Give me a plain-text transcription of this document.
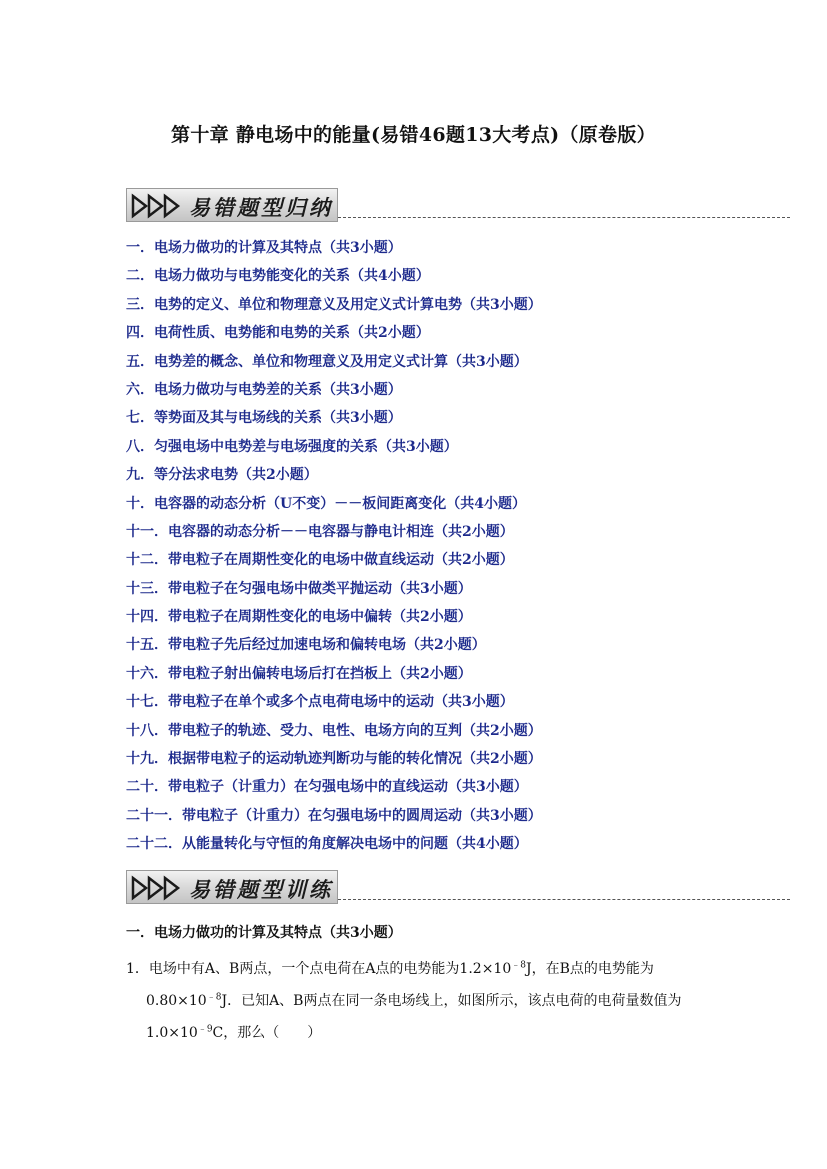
第十章 静电场中的能量(易错46题13大考点)（原卷版）
易错题型归纳
一．电场力做功的计算及其特点（共3小题）
二．电场力做功与电势能变化的关系（共4小题）
三．电势的定义、单位和物理意义及用定义式计算电势（共3小题）
四．电荷性质、电势能和电势的关系（共2小题）
五．电势差的概念、单位和物理意义及用定义式计算（共3小题）
六．电场力做功与电势差的关系（共3小题）
七．等势面及其与电场线的关系（共3小题）
八．匀强电场中电势差与电场强度的关系（共3小题）
九．等分法求电势（共2小题）
十．电容器的动态分析（U不变）－－板间距离变化（共4小题）
十一．电容器的动态分析－－电容器与静电计相连（共2小题）
十二．带电粒子在周期性变化的电场中做直线运动（共2小题）
十三．带电粒子在匀强电场中做类平抛运动（共3小题）
十四．带电粒子在周期性变化的电场中偏转（共2小题）
十五．带电粒子先后经过加速电场和偏转电场（共2小题）
十六．带电粒子射出偏转电场后打在挡板上（共2小题）
十七．带电粒子在单个或多个点电荷电场中的运动（共3小题）
十八．带电粒子的轨迹、受力、电性、电场方向的互判（共2小题）
十九．根据带电粒子的运动轨迹判断功与能的转化情况（共2小题）
二十．带电粒子（计重力）在匀强电场中的直线运动（共3小题）
二十一．带电粒子（计重力）在匀强电场中的圆周运动（共3小题）
二十二．从能量转化与守恒的角度解决电场中的问题（共4小题）
易错题型训练
一．电场力做功的计算及其特点（共3小题）
1．电场中有A、B两点，一个点电荷在A点的电势能为$1.2\times 10^{﹣8}J$，在B点的电势能为
$0.80\times 10^{﹣8}J$．已知A、B两点在同一条电场线上，如图所示，该点电荷的电荷量数值为
$1.0\times 10^{﹣9}C$，那么（　　）
